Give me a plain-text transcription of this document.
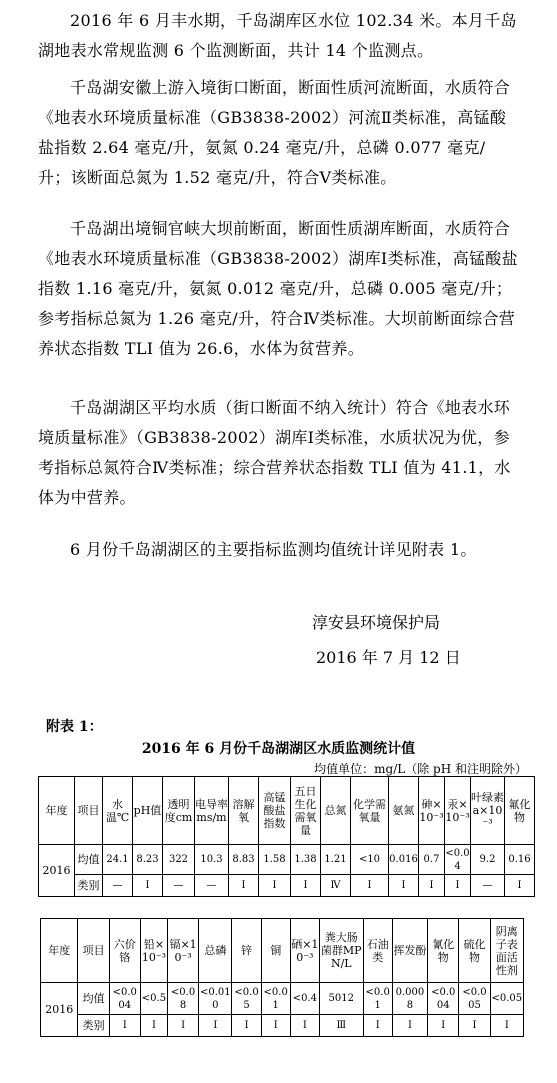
2016 年 6 月丰水期，千岛湖库区水位 102.34 米。本月千岛湖地表水常规监测 6 个监测断面，共计 14 个监测点。

千岛湖安徽上游入境街口断面，断面性质河流断面，水质符合《地表水环境质量标准（GB3838-2002）河流Ⅱ类标准，高锰酸盐指数 2.64 毫克/升，氨氮 0.24 毫克/升，总磷 0.077 毫克/升；该断面总氮为 1.52 毫克/升，符合Ⅴ类标准。

千岛湖出境铜官峡大坝前断面，断面性质湖库断面，水质符合《地表水环境质量标准（GB3838-2002）湖库Ⅰ类标准，高锰酸盐指数 1.16 毫克/升，氨氮 0.012 毫克/升，总磷 0.005 毫克/升；参考指标总氮为 1.26 毫克/升，符合Ⅳ类标准。大坝前断面综合营养状态指数 TLI 值为 26.6，水体为贫营养。

千岛湖湖区平均水质（街口断面不纳入统计）符合《地表水环境质量标准》（GB3838-2002）湖库Ⅰ类标准，水质状况为优，参考指标总氮符合Ⅳ类标准；综合营养状态指数 TLI 值为 41.1，水体为中营养。

6 月份千岛湖湖区的主要指标监测均值统计详见附表 1。

淳安县环境保护局
2016 年 7 月 12 日
附表 1：
2016 年 6 月份千岛湖湖区水质监测统计值
均值单位：mg/L（除 pH 和注明除外）
年度	项目	水温℃	pH值	透明度cm	电导率ms/m	溶解氧	高锰酸盐指数	五日生化需氧量	总氮	化学需氧量	氨氮	砷×10⁻³	汞×10⁻³	叶绿素a×10⁻³	氟化物
2016	均值	24.1	8.23	322	10.3	8.83	1.58	1.38	1.21	<10	0.016	0.7	<0.04	9.2	0.16
	类别	—	Ⅰ	—	—	Ⅰ	Ⅰ	Ⅰ	Ⅳ	Ⅰ	Ⅰ	Ⅰ	Ⅰ	—	Ⅰ
年度	项目	六价铬	铅×10⁻³	镉×10⁻³	总磷	锌	铜	硒×10⁻³	粪大肠菌群MPN/L	石油类	挥发酚	氰化物	硫化物	阴离子表面活性剂
2016	均值	<0.004	<0.5	<0.08	<0.010	<0.05	<0.01	<0.4	5012	<0.01	0.0008	<0.004	<0.005	<0.05
	类别	Ⅰ	Ⅰ	Ⅰ	Ⅰ	Ⅰ	Ⅰ	Ⅰ	Ⅲ	Ⅰ	Ⅰ	Ⅰ	Ⅰ	Ⅰ
